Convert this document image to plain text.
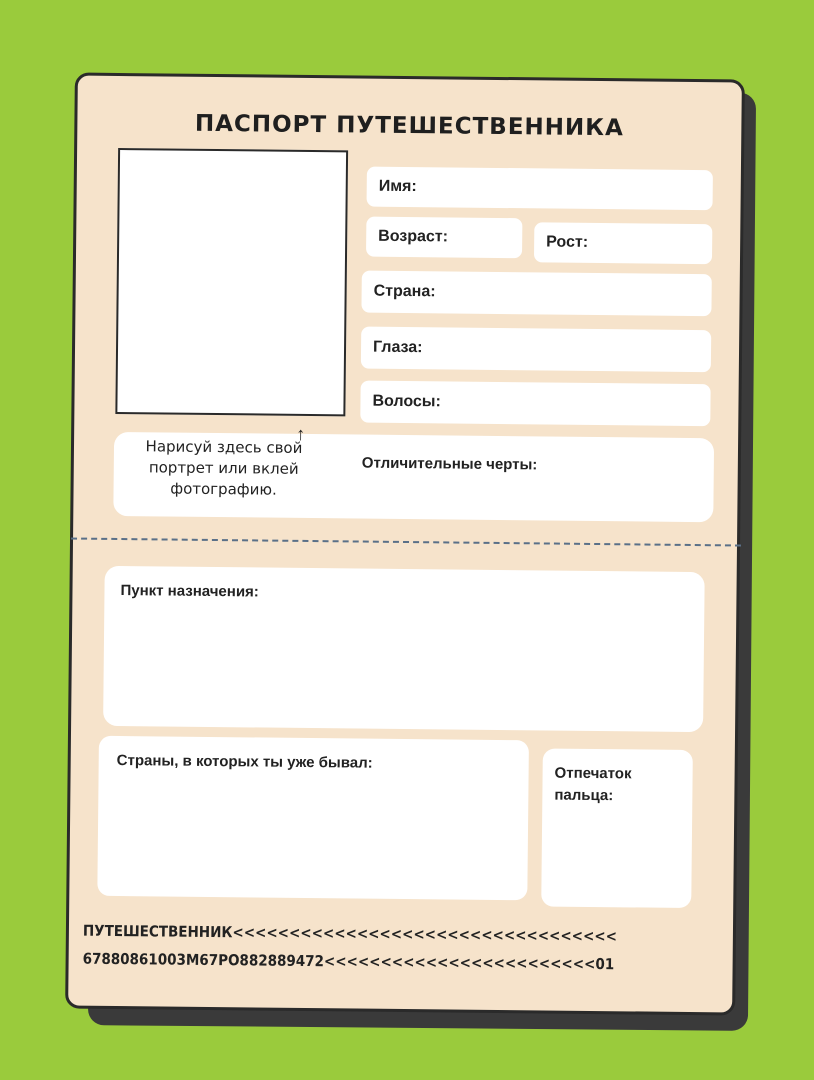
ПАСПОРТ ПУТЕШЕСТВЕННИКА
Имя:
Возраст:	Рост:
Страна:
Глаза:
Волосы:
Отличительные черты:
Нарисуй здесь свой портрет или вклей фотографию.
↑
Пункт назначения:
Страны, в которых ты уже бывал:
Отпечаток пальца:
ПУТЕШЕСТВЕННИК<<<<<<<<<<<<<<<<<<<<<<<<<<<<<<<<<<
67880861003M67PO882889472<<<<<<<<<<<<<<<<<<<<<<<<01
